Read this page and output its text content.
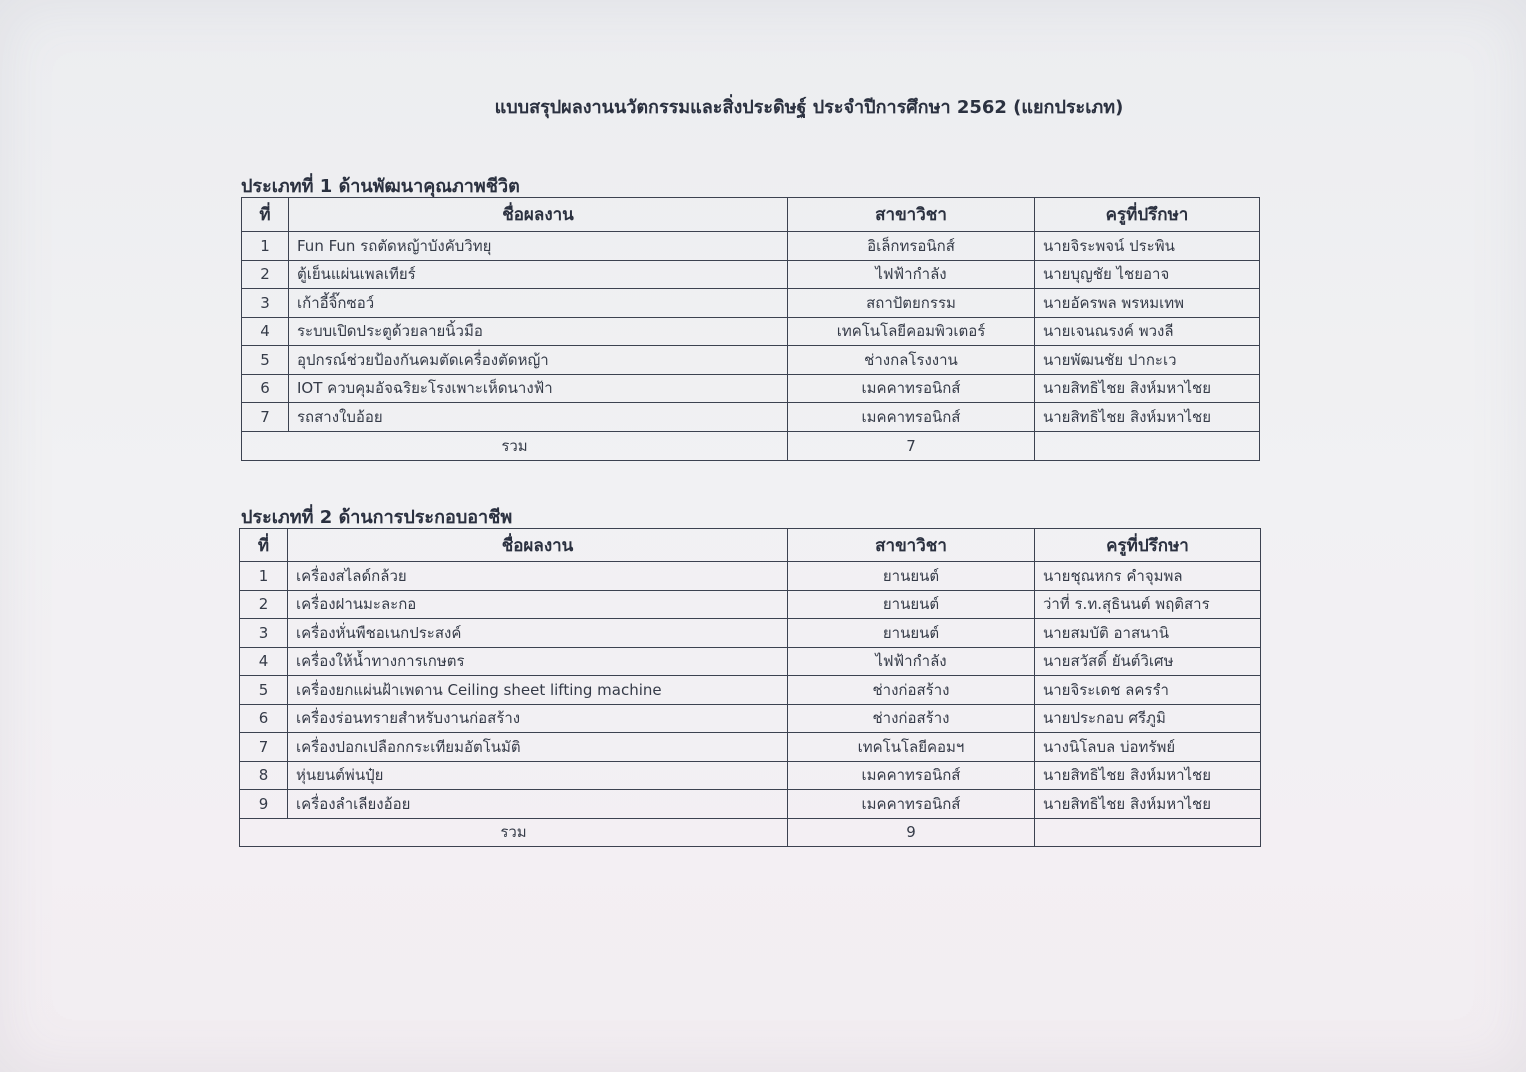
แบบสรุปผลงานนวัตกรรมและสิ่งประดิษฐ์ ประจำปีการศึกษา 2562 (แยกประเภท)
ประเภทที่ 1 ด้านพัฒนาคุณภาพชีวิต
ที่	ชื่อผลงาน	สาขาวิชา	ครูที่ปรึกษา
1	Fun Fun รถตัดหญ้าบังคับวิทยุ	อิเล็กทรอนิกส์	นายจิระพจน์ ประพิน
2	ตู้เย็นแผ่นเพลเทียร์	ไฟฟ้ากำลัง	นายบุญชัย ไชยอาจ
3	เก้าอี้จิ๊กซอว์	สถาปัตยกรรม	นายอัครพล พรหมเทพ
4	ระบบเปิดประตูด้วยลายนิ้วมือ	เทคโนโลยีคอมพิวเตอร์	นายเจนณรงค์ พวงลี
5	อุปกรณ์ช่วยป้องกันคมตัดเครื่องตัดหญ้า	ช่างกลโรงงาน	นายพัฒนชัย ปากะเว
6	IOT ควบคุมอัจฉริยะโรงเพาะเห็ดนางฟ้า	เมคคาทรอนิกส์	นายสิทธิไชย สิงห์มหาไชย
7	รถสางใบอ้อย	เมคคาทรอนิกส์	นายสิทธิไชย สิงห์มหาไชย
รวม		7	
ประเภทที่ 2 ด้านการประกอบอาชีพ
ที่	ชื่อผลงาน	สาขาวิชา	ครูที่ปรึกษา
1	เครื่องสไลด์กล้วย	ยานยนต์	นายชุณหกร คำจุมพล
2	เครื่องฝานมะละกอ	ยานยนต์	ว่าที่ ร.ท.สุธินนต์ พฤติสาร
3	เครื่องหั่นพืชอเนกประสงค์	ยานยนต์	นายสมบัติ อาสนานิ
4	เครื่องให้น้ำทางการเกษตร	ไฟฟ้ากำลัง	นายสวัสดิ์ ยันต์วิเศษ
5	เครื่องยกแผ่นฝ้าเพดาน Ceiling sheet lifting machine	ช่างก่อสร้าง	นายจิระเดช ลครรำ
6	เครื่องร่อนทรายสำหรับงานก่อสร้าง	ช่างก่อสร้าง	นายประกอบ ศรีภูมิ
7	เครื่องปอกเปลือกกระเทียมอัตโนมัติ	เทคโนโลยีคอมฯ	นางนิโลบล บ่อทรัพย์
8	หุ่นยนต์พ่นปุ๋ย	เมคคาทรอนิกส์	นายสิทธิไชย สิงห์มหาไชย
9	เครื่องลำเลียงอ้อย	เมคคาทรอนิกส์	นายสิทธิไชย สิงห์มหาไชย
รวม		9	
